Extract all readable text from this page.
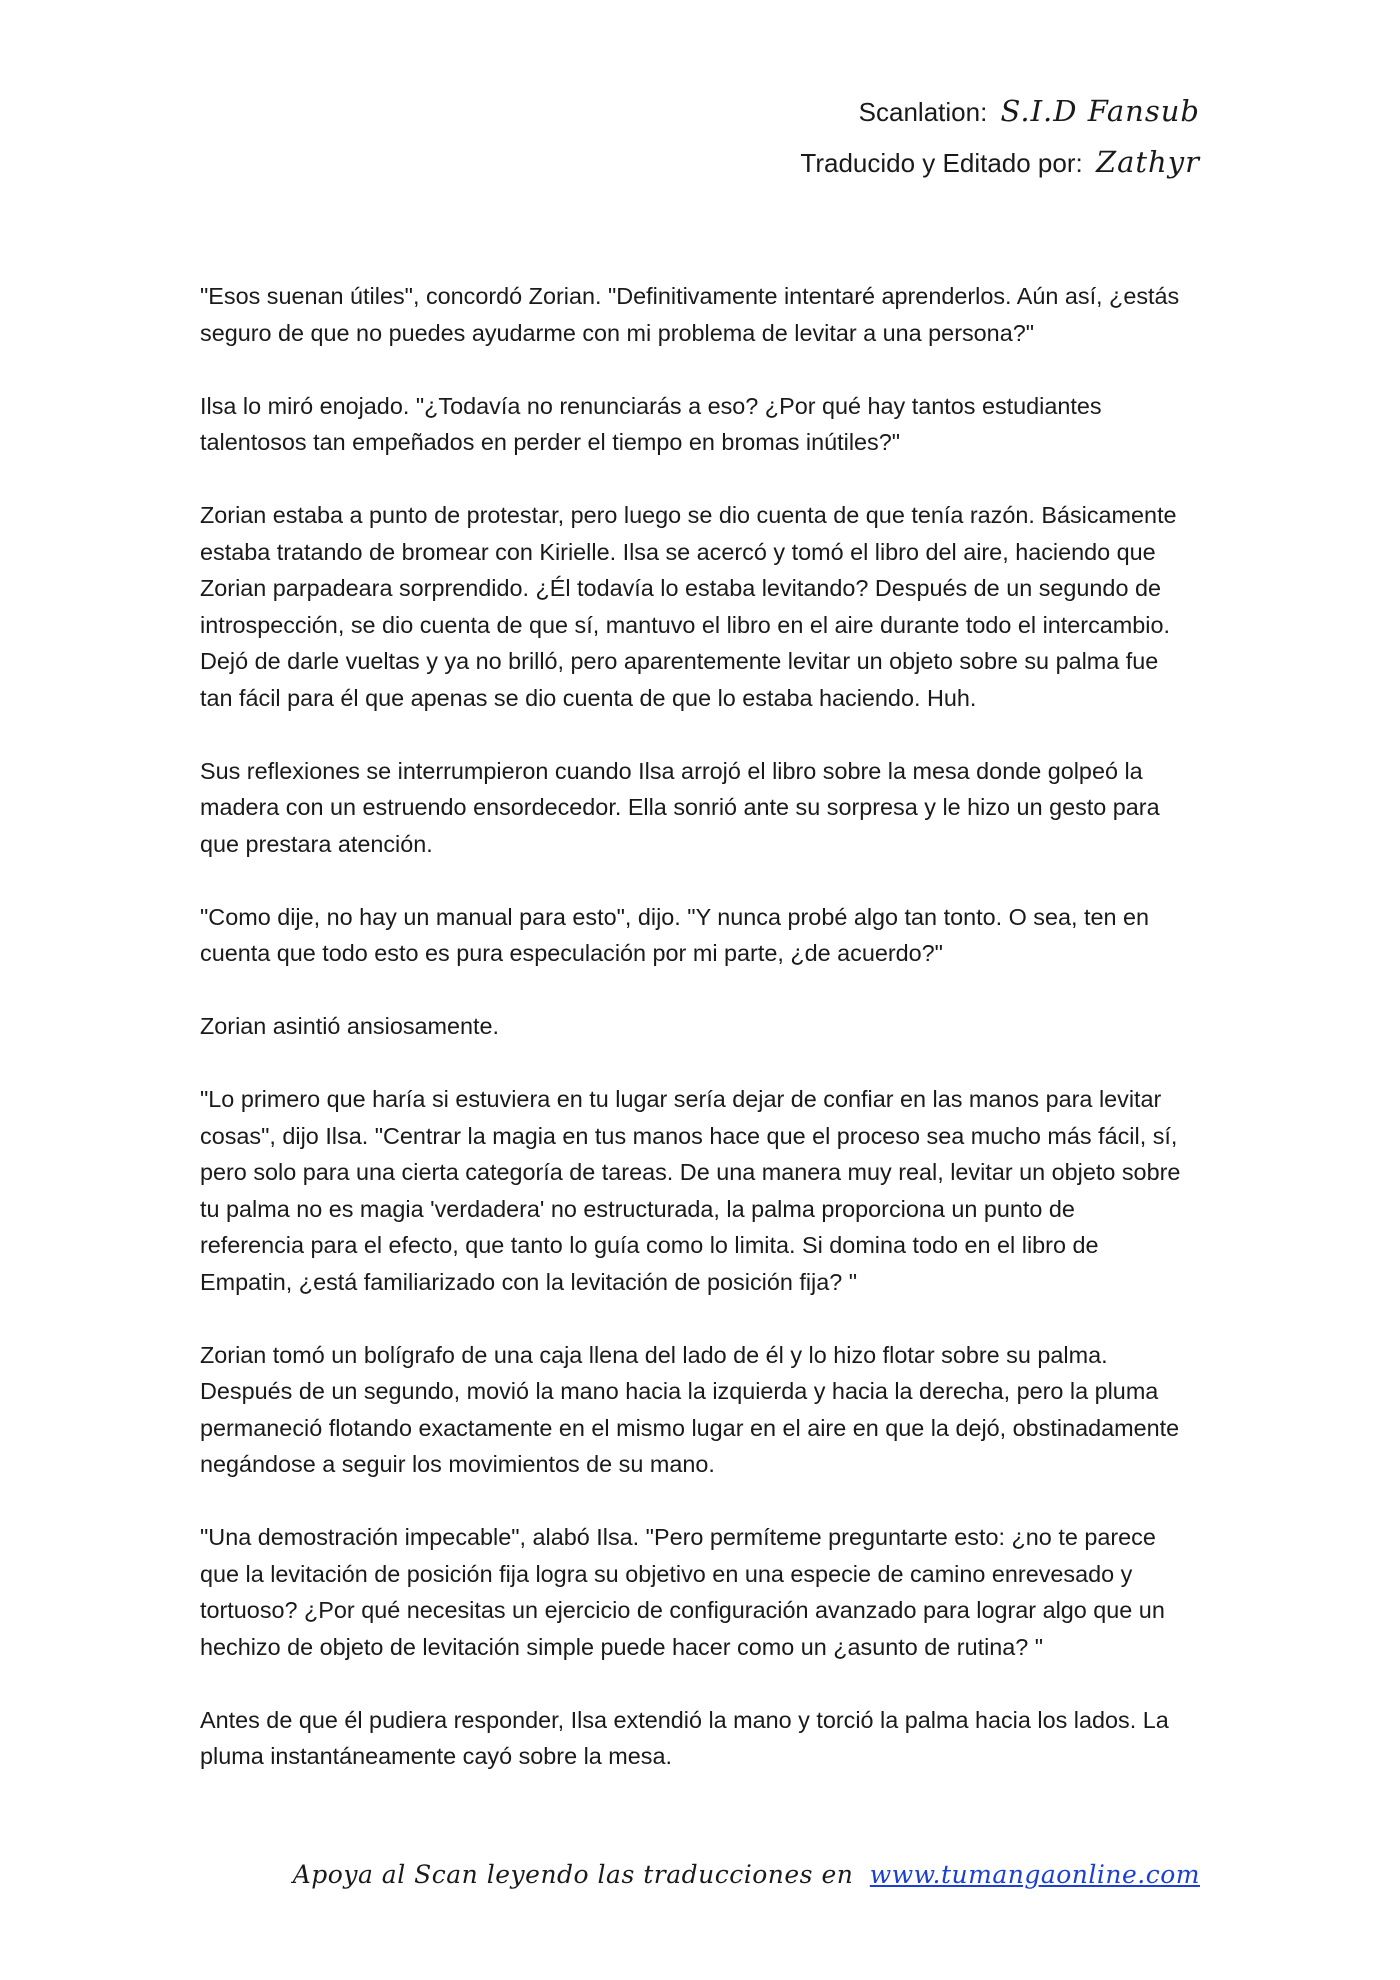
Scanlation: S.I.D Fansub
Traducido y Editado por: Zathyr

"Esos suenan útiles", concordó Zorian. "Definitivamente intentaré aprenderlos. Aún así, ¿estás
seguro de que no puedes ayudarme con mi problema de levitar a una persona?"

Ilsa lo miró enojado. "¿Todavía no renunciarás a eso? ¿Por qué hay tantos estudiantes
talentosos tan empeñados en perder el tiempo en bromas inútiles?"

Zorian estaba a punto de protestar, pero luego se dio cuenta de que tenía razón. Básicamente
estaba tratando de bromear con Kirielle. Ilsa se acercó y tomó el libro del aire, haciendo que
Zorian parpadeara sorprendido. ¿Él todavía lo estaba levitando? Después de un segundo de
introspección, se dio cuenta de que sí, mantuvo el libro en el aire durante todo el intercambio.
Dejó de darle vueltas y ya no brilló, pero aparentemente levitar un objeto sobre su palma fue
tan fácil para él que apenas se dio cuenta de que lo estaba haciendo. Huh.

Sus reflexiones se interrumpieron cuando Ilsa arrojó el libro sobre la mesa donde golpeó la
madera con un estruendo ensordecedor. Ella sonrió ante su sorpresa y le hizo un gesto para
que prestara atención.

"Como dije, no hay un manual para esto", dijo. "Y nunca probé algo tan tonto. O sea, ten en
cuenta que todo esto es pura especulación por mi parte, ¿de acuerdo?"

Zorian asintió ansiosamente.

"Lo primero que haría si estuviera en tu lugar sería dejar de confiar en las manos para levitar
cosas", dijo Ilsa. "Centrar la magia en tus manos hace que el proceso sea mucho más fácil, sí,
pero solo para una cierta categoría de tareas. De una manera muy real, levitar un objeto sobre
tu palma no es magia 'verdadera' no estructurada, la palma proporciona un punto de
referencia para el efecto, que tanto lo guía como lo limita. Si domina todo en el libro de
Empatin, ¿está familiarizado con la levitación de posición fija? "

Zorian tomó un bolígrafo de una caja llena del lado de él y lo hizo flotar sobre su palma.
Después de un segundo, movió la mano hacia la izquierda y hacia la derecha, pero la pluma
permaneció flotando exactamente en el mismo lugar en el aire en que la dejó, obstinadamente
negándose a seguir los movimientos de su mano.

"Una demostración impecable", alabó Ilsa. "Pero permíteme preguntarte esto: ¿no te parece
que la levitación de posición fija logra su objetivo en una especie de camino enrevesado y
tortuoso? ¿Por qué necesitas un ejercicio de configuración avanzado para lograr algo que un
hechizo de objeto de levitación simple puede hacer como un ¿asunto de rutina? "

Antes de que él pudiera responder, Ilsa extendió la mano y torció la palma hacia los lados. La
pluma instantáneamente cayó sobre la mesa.

Apoya al Scan leyendo las traducciones en www.tumangaonline.com
